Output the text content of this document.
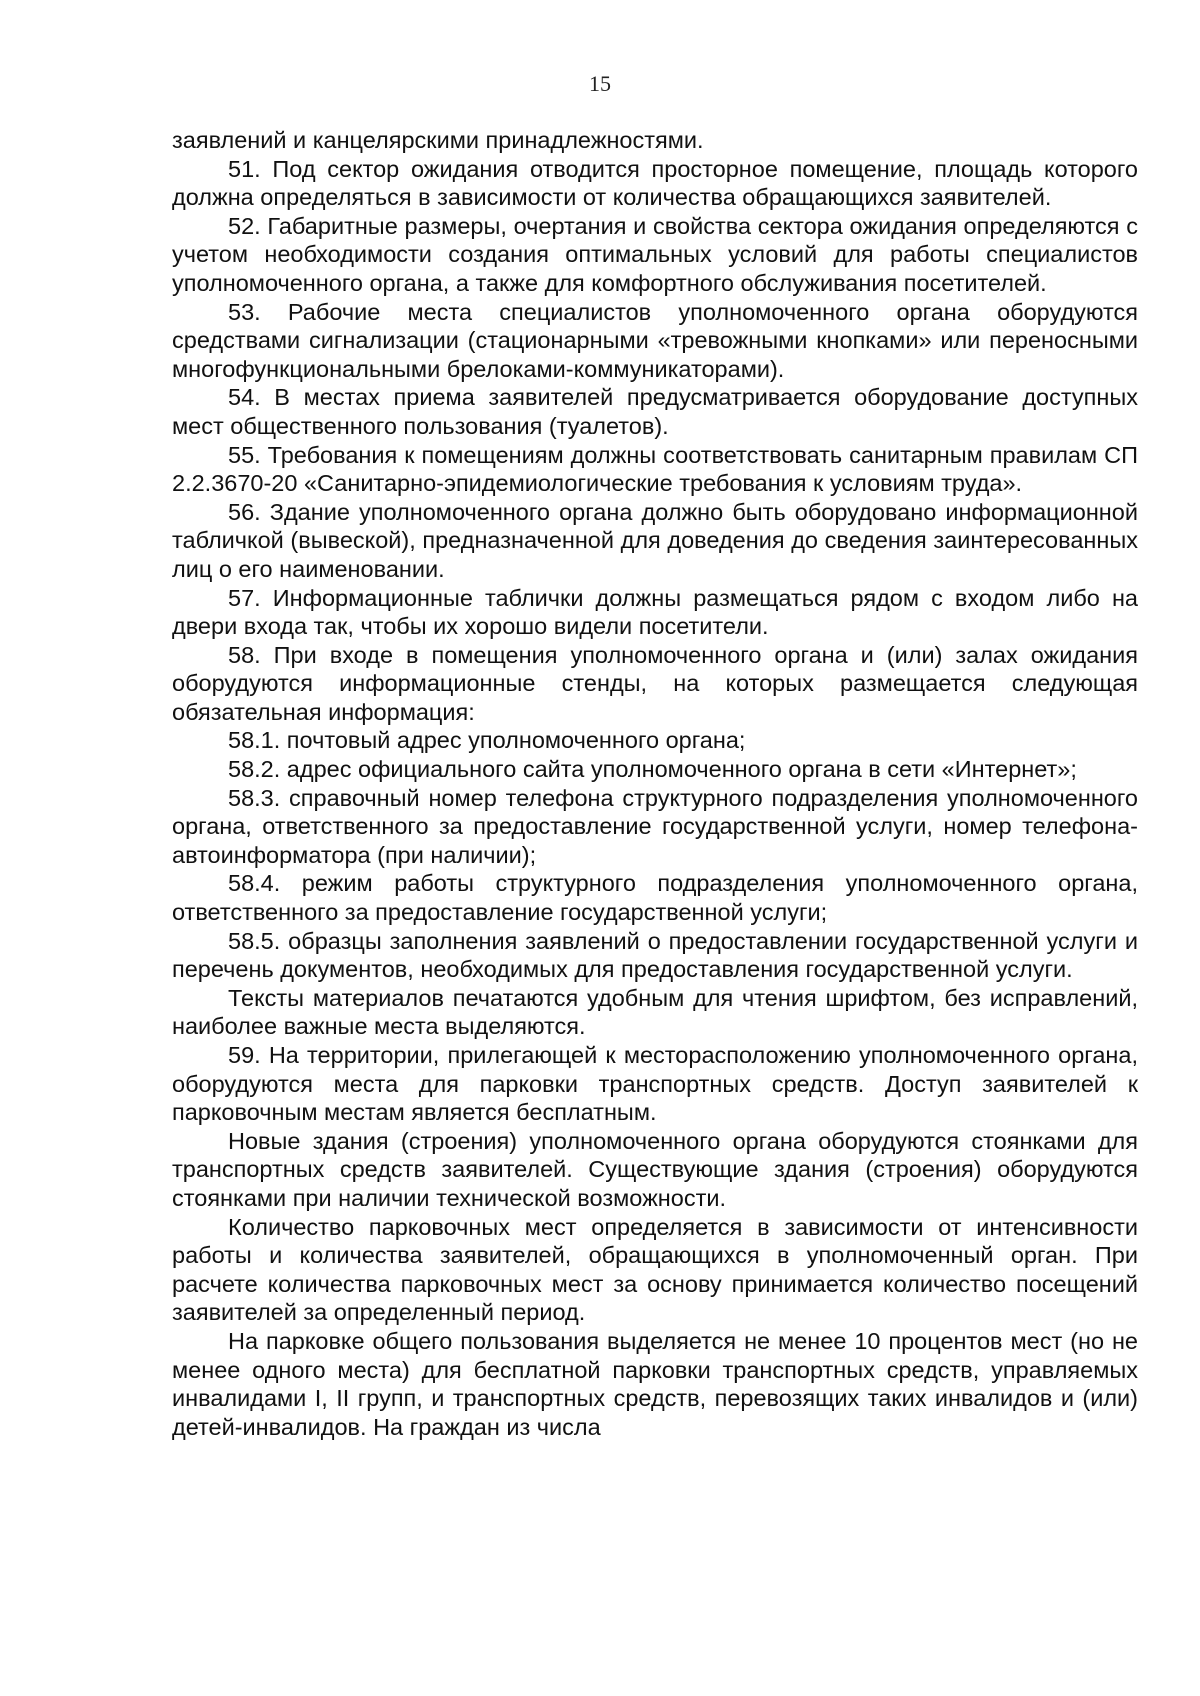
15

заявлений и канцелярскими принадлежностями.

51. Под сектор ожидания отводится просторное помещение, площадь которого должна определяться в зависимости от количества обращающихся заявителей.

52. Габаритные размеры, очертания и свойства сектора ожидания определяются с учетом необходимости создания оптимальных условий для работы специалистов уполномоченного органа, а также для комфортного обслуживания посетителей.

53. Рабочие места специалистов уполномоченного органа оборудуются средствами сигнализации (стационарными «тревожными кнопками» или переносными многофункциональными брелоками-коммуникаторами).

54. В местах приема заявителей предусматривается оборудование доступных мест общественного пользования (туалетов).

55. Требования к помещениям должны соответствовать санитарным правилам СП 2.2.3670-20 «Санитарно-эпидемиологические требования к условиям труда».

56. Здание уполномоченного органа должно быть оборудовано информационной табличкой (вывеской), предназначенной для доведения до сведения заинтересованных лиц о его наименовании.

57. Информационные таблички должны размещаться рядом с входом либо на двери входа так, чтобы их хорошо видели посетители.

58. При входе в помещения уполномоченного органа и (или) залах ожидания оборудуются информационные стенды, на которых размещается следующая обязательная информация:

58.1. почтовый адрес уполномоченного органа;

58.2. адрес официального сайта уполномоченного органа в сети «Интернет»;

58.3. справочный номер телефона структурного подразделения уполномоченного органа, ответственного за предоставление государственной услуги, номер телефона-автоинформатора (при наличии);

58.4. режим работы структурного подразделения уполномоченного органа, ответственного за предоставление государственной услуги;

58.5. образцы заполнения заявлений о предоставлении государственной услуги и перечень документов, необходимых для предоставления государственной услуги.

Тексты материалов печатаются удобным для чтения шрифтом, без исправлений, наиболее важные места выделяются.

59. На территории, прилегающей к месторасположению уполномоченного органа, оборудуются места для парковки транспортных средств. Доступ заявителей к парковочным местам является бесплатным.

Новые здания (строения) уполномоченного органа оборудуются стоянками для транспортных средств заявителей. Существующие здания (строения) оборудуются стоянками при наличии технической возможности.

Количество парковочных мест определяется в зависимости от интенсивности работы и количества заявителей, обращающихся в уполномоченный орган. При расчете количества парковочных мест за основу принимается количество посещений заявителей за определенный период.

На парковке общего пользования выделяется не менее 10 процентов мест (но не менее одного места) для бесплатной парковки транспортных средств, управляемых инвалидами I, II групп, и транспортных средств, перевозящих таких инвалидов и (или) детей-инвалидов. На граждан из числа
